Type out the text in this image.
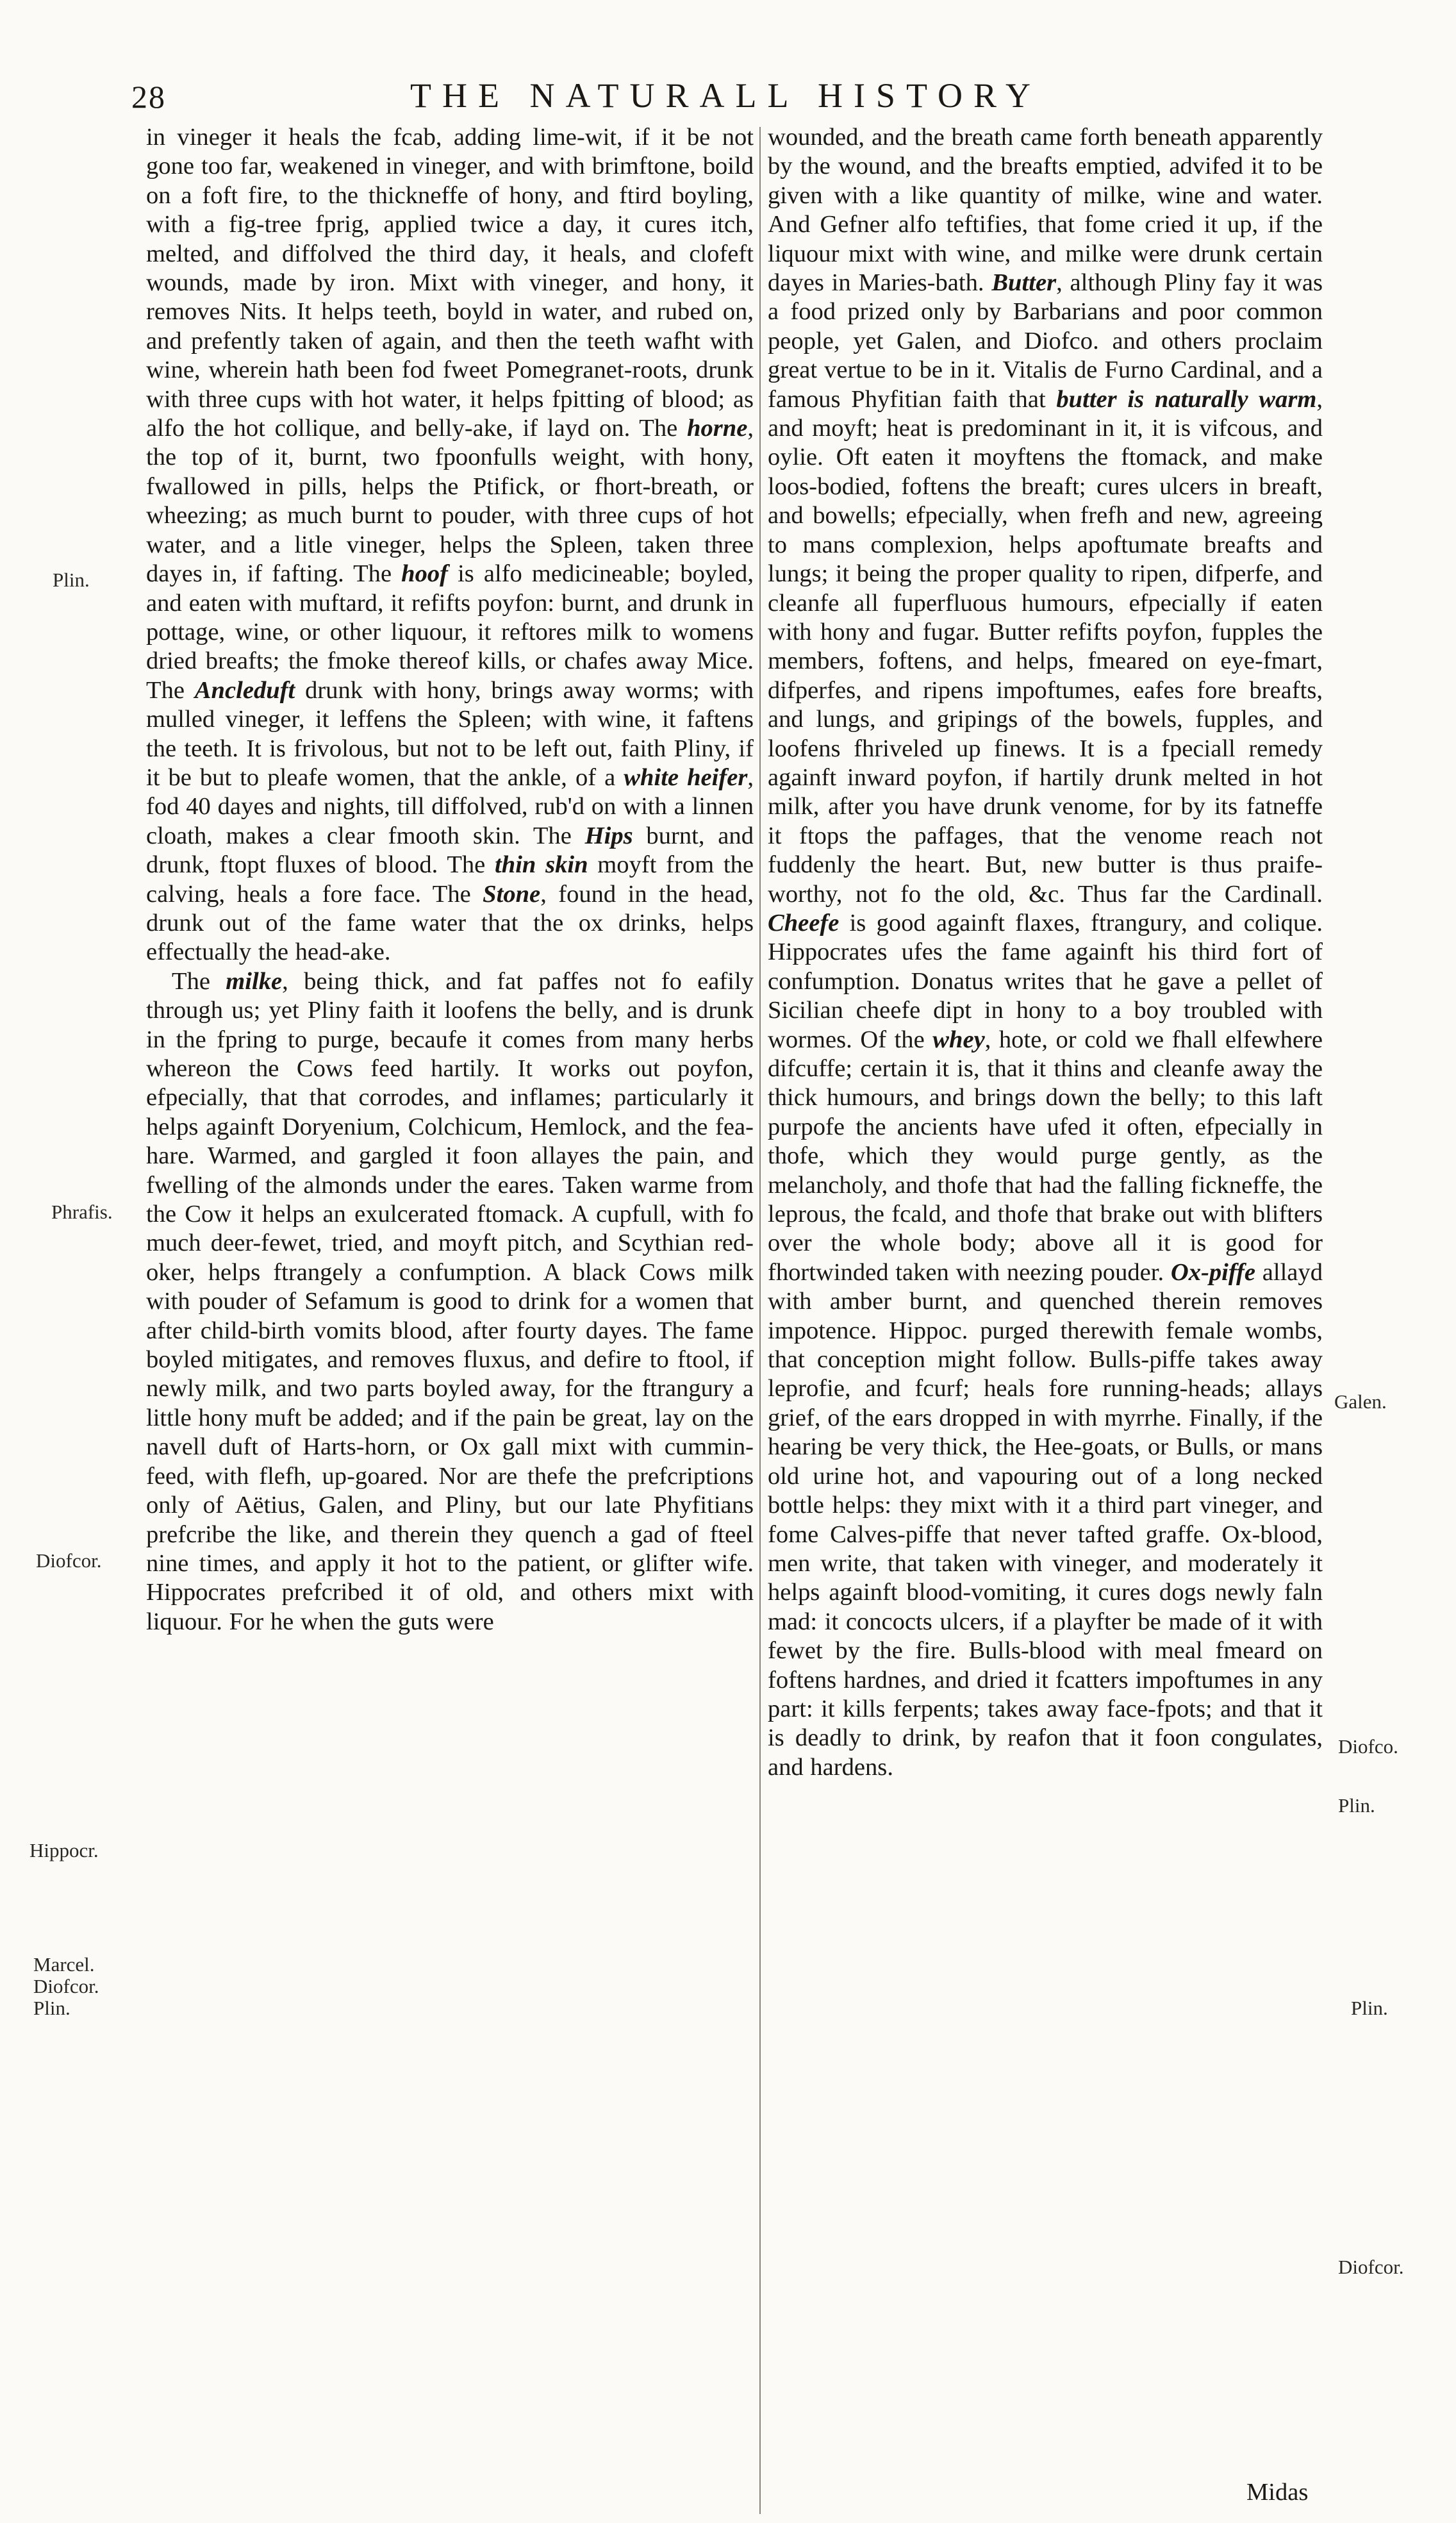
28	THE NATURALL HISTORY

in vineger it heals the fcab, adding lime-wit, if it be not gone too far, weakened in vineger, and with brimftone, boild on a foft fire, to the thickneffe of hony, and ftird boyling, with a fig-tree fprig, applied twice a day, it cures itch, melted, and diffolved the third day, it heals, and clofeft wounds, made by iron. Mixt with vineger, and hony, it removes Nits. It helps teeth, boyld in water, and rubed on, and prefently taken of again, and then the teeth wafht with wine, wherein hath been fod fweet Pomegranet-roots, drunk with three cups with hot water, it helps fpitting of blood; as alfo the hot collique, and belly-ake, if layd on. The horne, the top of it, burnt, two fpoonfulls weight, with hony, fwallowed in pills, helps the Ptifick, or fhort-breath, or wheezing; as much burnt to pouder, with three cups of hot water, and a litle vineger, helps the Spleen, taken three dayes in, if fafting. The hoof is alfo medicineable; boyled, and eaten with muftard, it refifts poyfon: burnt, and drunk in pottage, wine, or other liquour, it reftores milk to womens dried breafts; the fmoke thereof kills, or chafes away Mice. The Ancleduft drunk with hony, brings away worms; with mulled vineger, it leffens the Spleen; with wine, it faftens the teeth. It is frivolous, but not to be left out, faith Pliny, if it be but to pleafe women, that the ankle, of a white heifer, fod 40 dayes and nights, till diffolved, rub'd on with a linnen cloath, makes a clear fmooth skin. The Hips burnt, and drunk, ftopt fluxes of blood. The thin skin moyft from the calving, heals a fore face. The Stone, found in the head, drunk out of the fame water that the ox drinks, helps effectually the head-ake.

The milke, being thick, and fat paffes not fo eafily through us; yet Pliny faith it loofens the belly, and is drunk in the fpring to purge, becaufe it comes from many herbs whereon the Cows feed hartily. It works out poyfon, efpecially, that that corrodes, and inflames; particularly it helps againft Doryenium, Colchicum, Hemlock, and the fea-hare. Warmed, and gargled it foon allayes the pain, and fwelling of the almonds under the eares. Taken warme from the Cow it helps an exulcerated ftomack. A cupfull, with fo much deer-fewet, tried, and moyft pitch, and Scythian red-oker, helps ftrangely a confumption. A black Cows milk with pouder of Sefamum is good to drink for a women that after child-birth vomits blood, after fourty dayes. The fame boyled mitigates, and removes fluxus, and defire to ftool, if newly milk, and two parts boyled away, for the ftrangury a little hony muft be added; and if the pain be great, lay on the navell duft of Harts-horn, or Ox gall mixt with cummin-feed, with flefh, up-goared. Nor are thefe the prefcriptions only of Aëtius, Galen, and Pliny, but our late Phyfitians prefcribe the like, and therein they quench a gad of fteel nine times, and apply it hot to the patient, or glifter wife. Hippocrates prefcribed it of old, and others mixt with liquour. For he when the guts were

wounded, and the breath came forth beneath apparently by the wound, and the breafts emptied, advifed it to be given with a like quantity of milke, wine and water. And Gefner alfo teftifies, that fome cried it up, if the liquour mixt with wine, and milke were drunk certain dayes in Maries-bath. Butter, although Pliny fay it was a food prized only by Barbarians and poor common people, yet Galen, and Diofco. and others proclaim great vertue to be in it. Vitalis de Furno Cardinal, and a famous Phyfitian faith that butter is naturally warm, and moyft; heat is predominant in it, it is vifcous, and oylie. Oft eaten it moyftens the ftomack, and make loos-bodied, foftens the breaft; cures ulcers in breaft, and bowells; efpecially, when frefh and new, agreeing to mans complexion, helps apoftumate breafts and lungs; it being the proper quality to ripen, difperfe, and cleanfe all fuperfluous humours, efpecially if eaten with hony and fugar. Butter refifts poyfon, fupples the members, foftens, and helps, fmeared on eye-fmart, difperfes, and ripens impoftumes, eafes fore breafts, and lungs, and gripings of the bowels, fupples, and loofens fhriveled up finews. It is a fpeciall remedy againft inward poyfon, if hartily drunk melted in hot milk, after you have drunk venome, for by its fatneffe it ftops the paffages, that the venome reach not fuddenly the heart. But, new butter is thus praife-worthy, not fo the old, &c. Thus far the Cardinall. Cheefe is good againft flaxes, ftrangury, and colique. Hippocrates ufes the fame againft his third fort of confumption. Donatus writes that he gave a pellet of Sicilian cheefe dipt in hony to a boy troubled with wormes. Of the whey, hote, or cold we fhall elfewhere difcuffe; certain it is, that it thins and cleanfe away the thick humours, and brings down the belly; to this laft purpofe the ancients have ufed it often, efpecially in thofe, which they would purge gently, as the melancholy, and thofe that had the falling fickneffe, the leprous, the fcald, and thofe that brake out with blifters over the whole body; above all it is good for fhortwinded taken with neezing pouder. Ox-piffe allayd with amber burnt, and quenched therein removes impotence. Hippoc. purged therewith female wombs, that conception might follow. Bulls-piffe takes away leprofie, and fcurf; heals fore running-heads; allays grief, of the ears dropped in with myrrhe. Finally, if the hearing be very thick, the Hee-goats, or Bulls, or mans old urine hot, and vapouring out of a long necked bottle helps: they mixt with it a third part vineger, and fome Calves-piffe that never tafted graffe. Ox-blood, men write, that taken with vineger, and moderately it helps againft blood-vomiting, it cures dogs newly faln mad: it concocts ulcers, if a playfter be made of it with fewet by the fire. Bulls-blood with meal fmeard on foftens hardnes, and dried it fcatters impoftumes in any part: it kills ferpents; takes away face-fpots; and that it is deadly to drink, by reafon that it foon congulates, and hardens.

Plin.
Phrafis.
Diofcor.
Hippocr.
Marcel.
Diofcor.
Plin.
Galen.
Diofco.
Plin.
Plin.
Diofcor.
Midas
